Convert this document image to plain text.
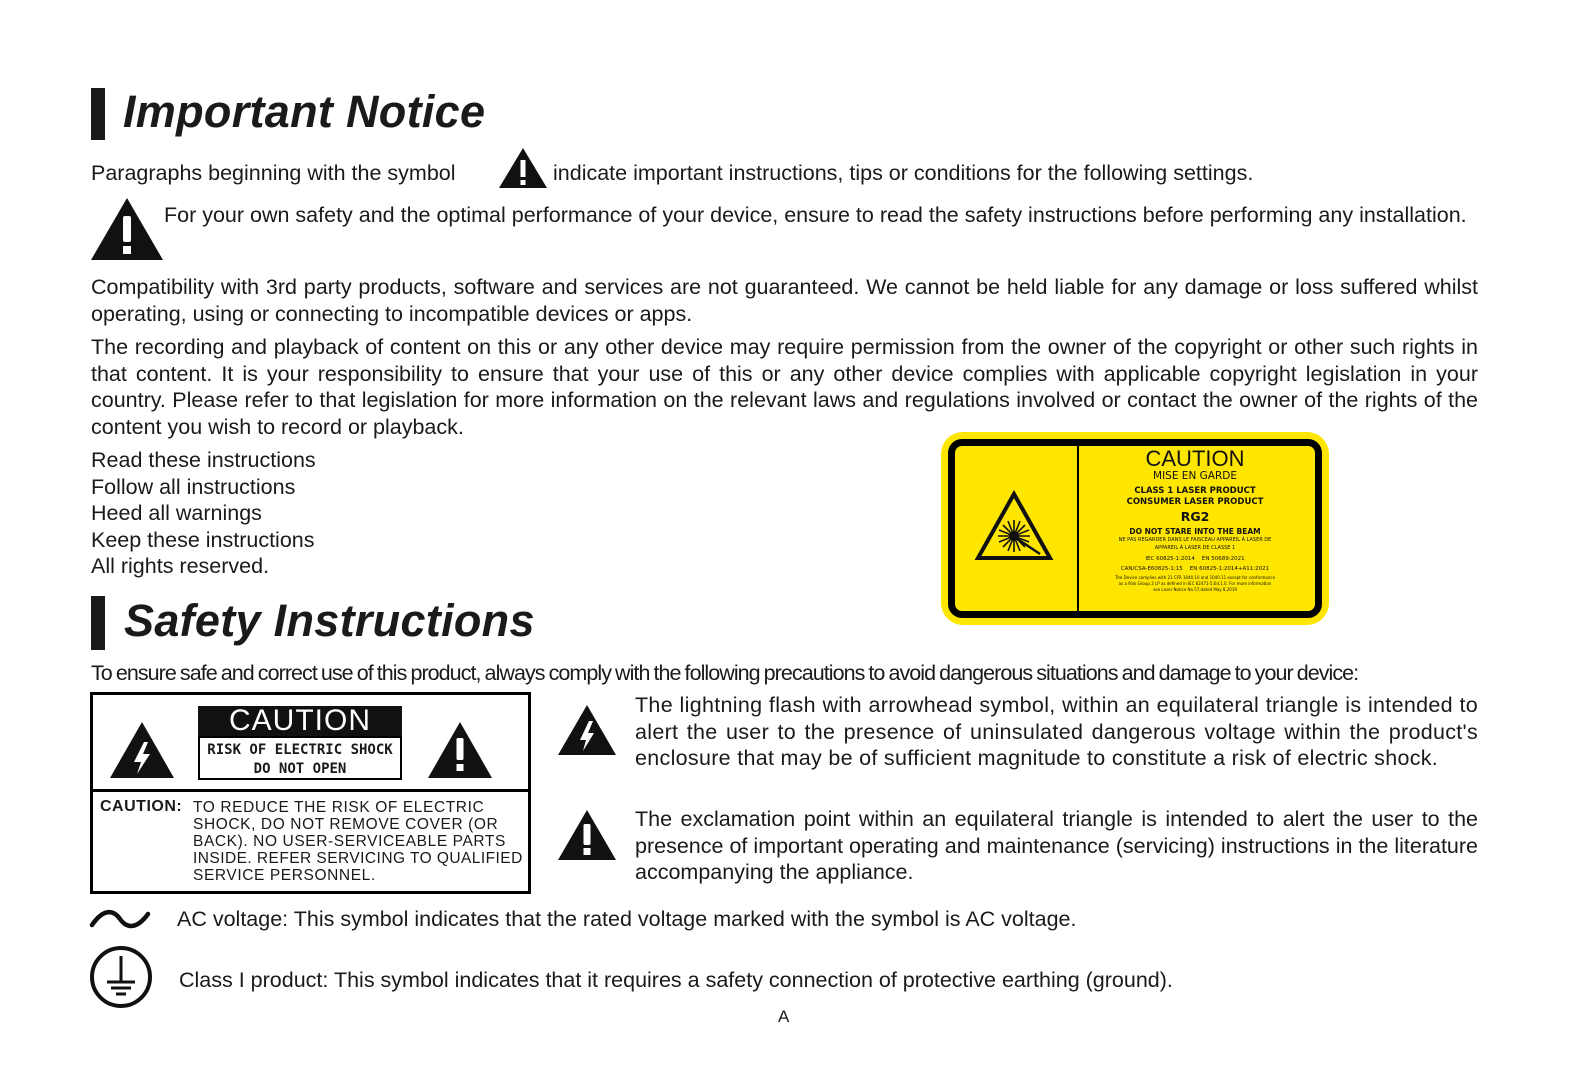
Important Notice
Paragraphs beginning with the symbol	indicate important instructions, tips or conditions for the following settings.
For your own safety and the optimal performance of your device, ensure to read the safety instructions before performing any installation.
Compatibility with 3rd party products, software and services are not guaranteed. We cannot be held liable for any damage or loss suffered whilst operating, using or connecting to incompatible devices or apps.
The recording and playback of content on this or any other device may require permission from the owner of the copyright or other such rights in that content. It is your responsibility to ensure that your use of this or any other device complies with applicable copyright legislation in your country. Please refer to that legislation for more information on the relevant laws and regulations involved or contact the owner of the rights of the content you wish to record or playback.
Read these instructions
Follow all instructions
Heed all warnings
Keep these instructions
All rights reserved.
CAUTION
MISE EN GARDE
CLASS 1 LASER PRODUCT
CONSUMER LASER PRODUCT
RG2
DO NOT STARE INTO THE BEAM
NE PAS REGARDER DANS LE FAISCEAU APPAREIL À LASER DE
APPAREIL À LASER DE CLASSE 1
IEC 60825-1:2014    EN 50689:2021
CAN/CSA-E60825-1:15    EN 60825-1:2014+A11:2021
The Device complies with 21 CFR 1040.10 and 1040.11 except for conformance
as a Risk Group 2 LP as defined in IEC 62471-5:Ed.1.0. For more information
see Laser Notice No.57,dated May 8,2019
Safety Instructions
To ensure safe and correct use of this product, always comply with the following precautions to avoid dangerous situations and damage to your device:
CAUTION
RISK OF ELECTRIC SHOCK
DO NOT OPEN
CAUTION: TO REDUCE THE RISK OF ELECTRIC
SHOCK, DO NOT REMOVE COVER (OR
BACK). NO USER-SERVICEABLE PARTS
INSIDE. REFER SERVICING TO QUALIFIED
SERVICE PERSONNEL.
The lightning flash with arrowhead symbol, within an equilateral triangle is intended to alert the user to the presence of uninsulated dangerous voltage within the product's enclosure that may be of sufficient magnitude to constitute a risk of electric shock.
The exclamation point within an equilateral triangle is intended to alert the user to the presence of important operating and maintenance (servicing) instructions in the literature accompanying the appliance.
AC voltage: This symbol indicates that the rated voltage marked with the symbol is AC voltage.
Class I product: This symbol indicates that it requires a safety connection of protective earthing (ground).
A
